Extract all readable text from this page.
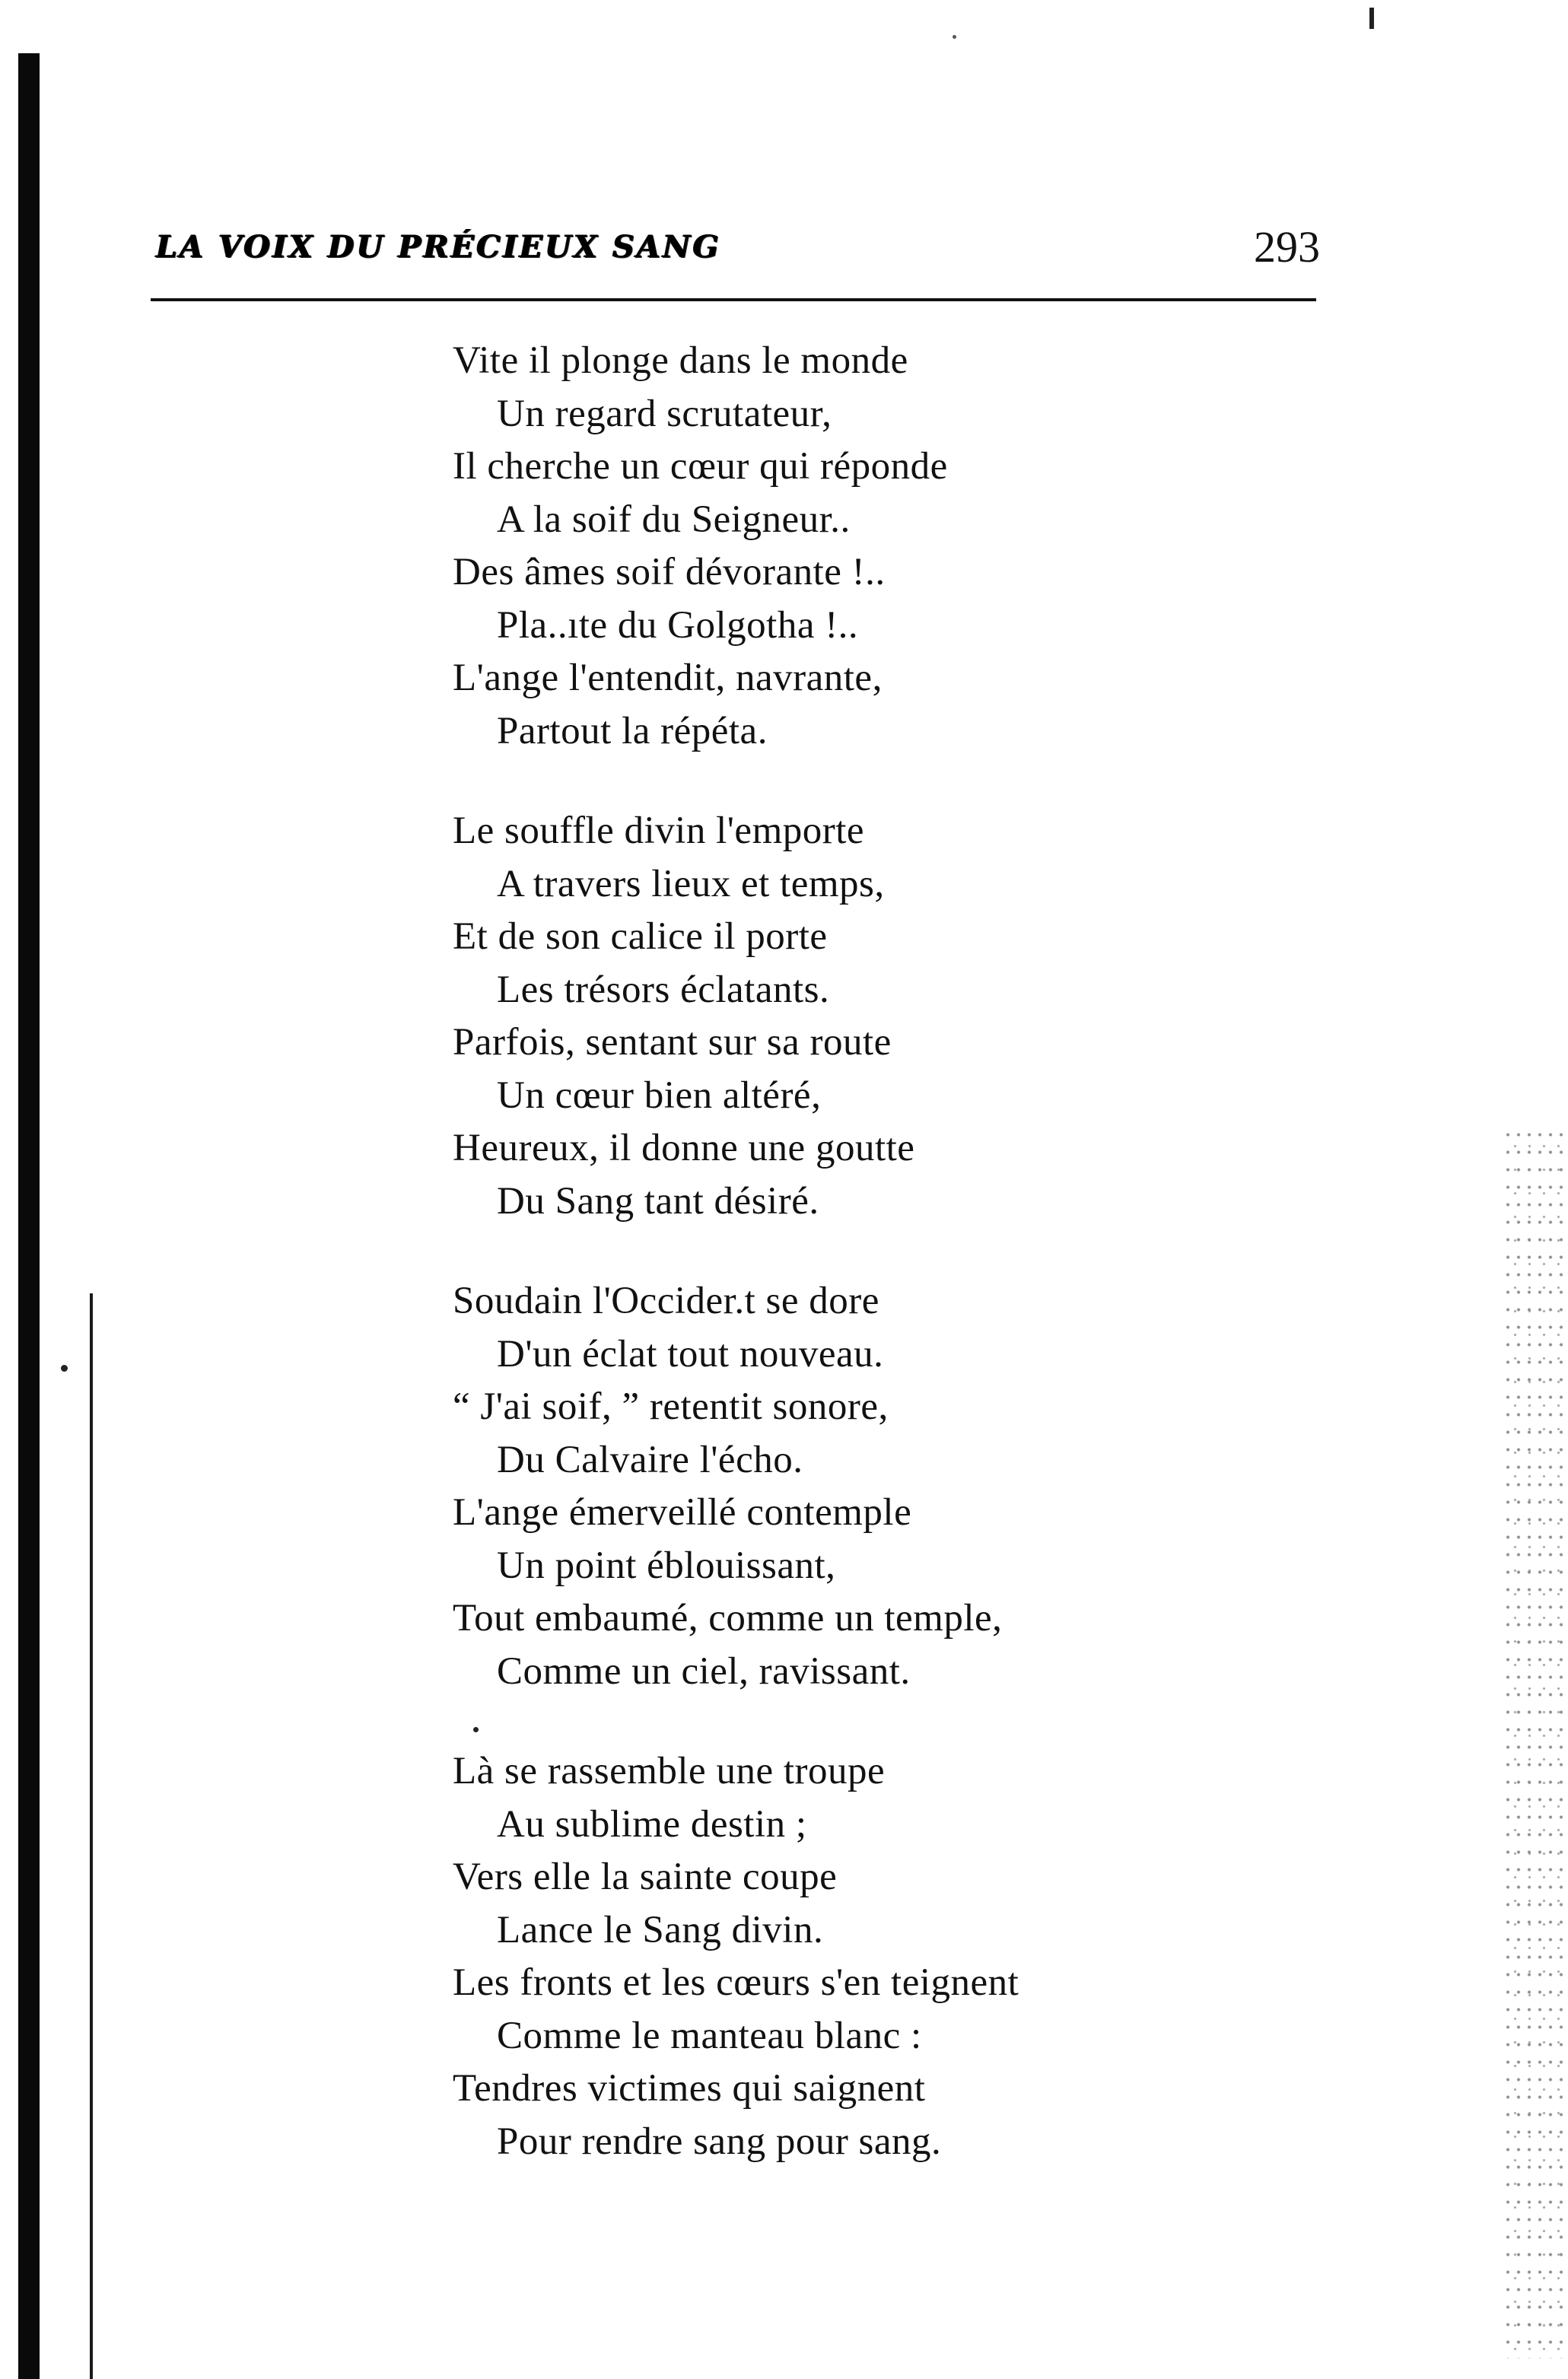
LA VOIX DU PRÉCIEUX SANG	293
Vite il plonge dans le monde
Un regard scrutateur,
Il cherche un cœur qui réponde
A la soif du Seigneur..
Des âmes soif dévorante !..
Pla..ıte du Golgotha !..
L'ange l'entendit, navrante,
Partout la répéta.
Le souffle divin l'emporte
A travers lieux et temps,
Et de son calice il porte
Les trésors éclatants.
Parfois, sentant sur sa route
Un cœur bien altéré,
Heureux, il donne une goutte
Du Sang tant désiré.
Soudain l'Occider.t se dore
D'un éclat tout nouveau.
“ J'ai soif, ” retentit sonore,
Du Calvaire l'écho.
L'ange émerveillé contemple
Un point éblouissant,
Tout embaumé, comme un temple,
Comme un ciel, ravissant.
Là se rassemble une troupe
Au sublime destin ;
Vers elle la sainte coupe
Lance le Sang divin.
Les fronts et les cœurs s'en teignent
Comme le manteau blanc :
Tendres victimes qui saignent
Pour rendre sang pour sang.
